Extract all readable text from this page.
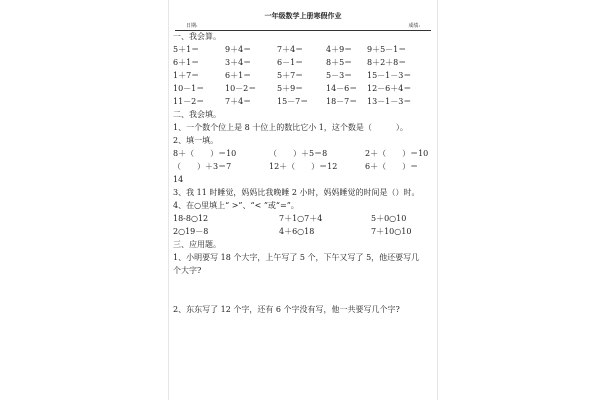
一年级数学上册寒假作业
日期:	成绩:
一、我会算。
5＋1＝	9＋4＝	7＋4＝	4＋9＝ 9＋5－1＝
6＋1＝	3＋4＝	6－1＝	8＋5＝ 8＋2＋8＝
1＋7＝	6＋1＝	5＋7＝	5－3＝ 15－1－3＝
10－1＝	10－2＝	5＋9＝	14－6＝ 12－6＋4＝
11－2＝	7＋4＝	15－7＝ 18－7＝ 13－1－3＝
二、我会填。
1、一个数个位上是 8 十位上的数比它小 1，这个数是（　　　）。
2、填一填。
8＋（　　）＝10	（　　）＋5＝8	2＋（　　）＝10
（　　）＋3＝7	12＋（　　）＝12	6＋（　　）＝
14
3、我 11 时睡觉，妈妈比我晚睡 2 小时，妈妈睡觉的时间是（）时。
4、在○里填上“ >”、“< ”或“=”。
18-8○12	7＋1○7＋4	5＋0○10
2○19－8	4＋6○18	7＋10○10
三、应用题。
1、小明要写 18 个大字，上午写了 5 个，下午又写了 5，他还要写几
个大字?
2、东东写了 12 个字，还有 6 个字没有写，他一共要写几个字?
